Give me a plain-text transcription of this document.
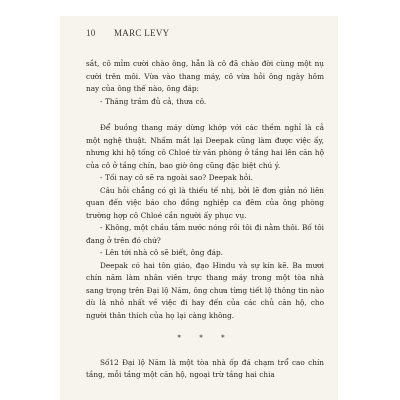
10 MARC LEVY

sắt, cô mỉm cười chào ông, hẳn là cô đã chào đời cùng một nụ cười trên môi. Vừa vào thang máy, cô vừa hỏi ông ngày hôm nay của ông thế nào, ông đáp:

- Thăng trầm đủ cả, thưa cô.

Để buồng thang máy dừng khớp với các thềm nghỉ là cả một nghệ thuật. Nhấm mắt lại Deepak cũng làm được việc ấy, nhưng khi hộ tống cô Chloé từ văn phòng ở tầng hai lên căn hộ của cô ở tầng chín, bao giờ ông cũng đặc biệt chú ý.

- Tối nay cô sẽ ra ngoài sao? Deepak hỏi.

Câu hỏi chẳng có gì là thiếu tế nhị, bởi lẽ đơn giản nó liên quan đến việc báo cho đồng nghiệp ca đêm của ông phòng trường hợp cô Chloé cần người ấy phục vụ.

- Không, một chầu tắm nước nóng rồi tôi đi nằm thôi. Bố tôi đang ở trên đó chứ?

- Lên tới nhà cô sẽ biết, ông đáp.

Deepak có hai tôn giáo, đạo Hindu và sự kín kẽ. Ba mươi chín năm làm nhân viên trực thang máy trong một tòa nhà sang trọng trên Đại lộ Năm, ông chưa từng tiết lộ thông tin nào dù là nhỏ nhất về việc đi hay đến của các chủ căn hộ, cho người thân thích của họ lại càng không.

* * *

Số12 Đại lộ Năm là một tòa nhà ốp đá chạm trổ cao chín tầng, mỗi tầng một căn hộ, ngoại trừ tầng hai chia
